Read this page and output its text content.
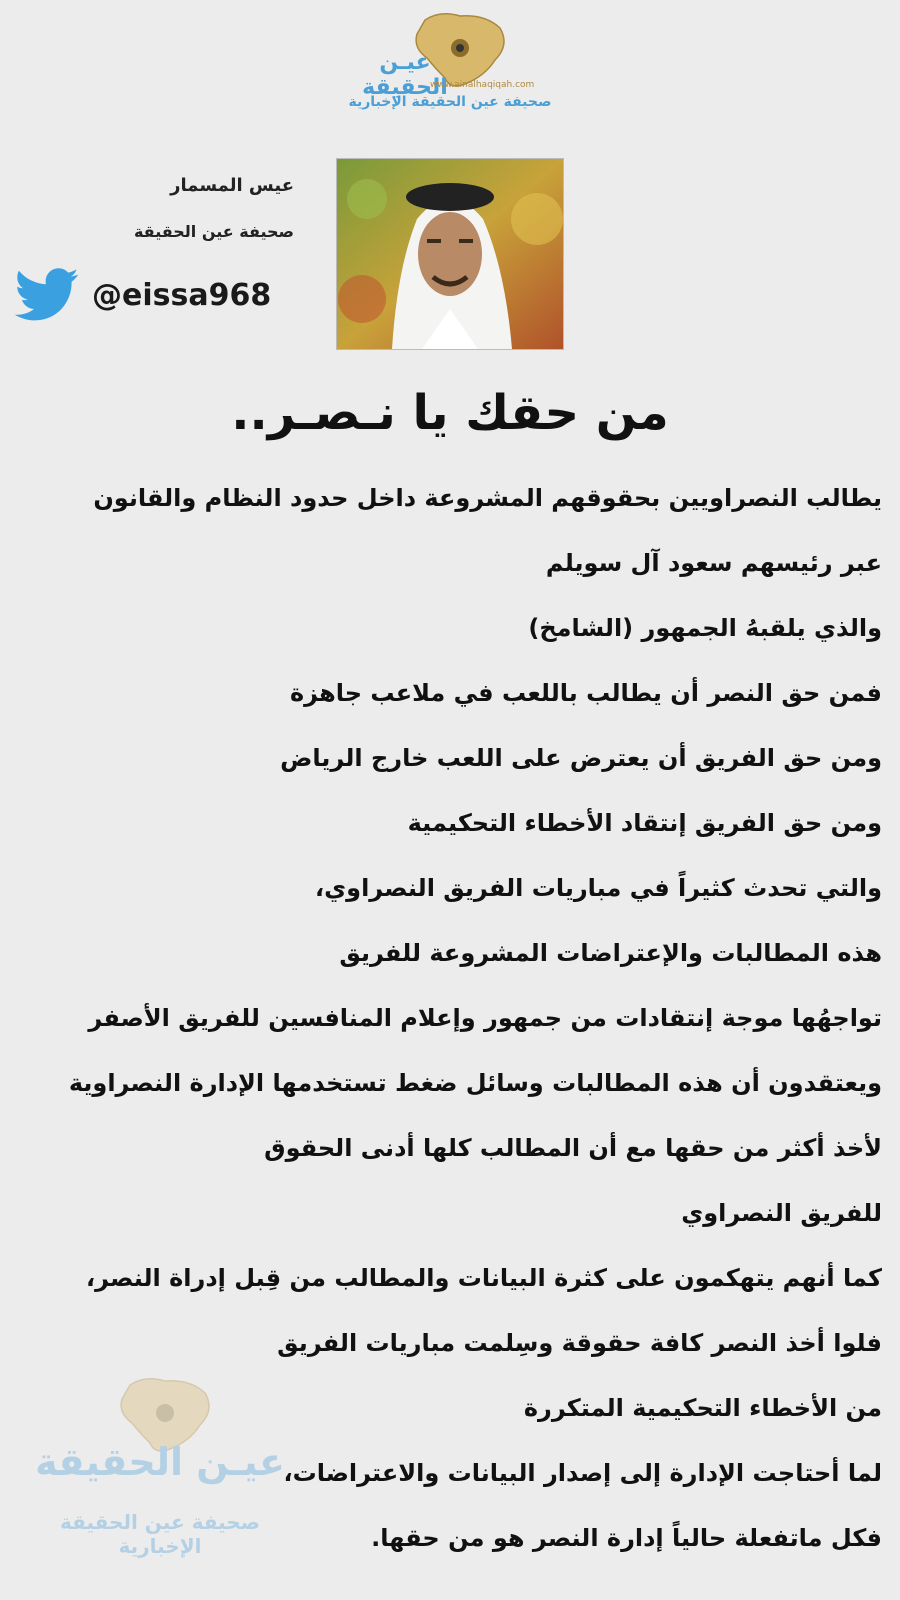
عيـن الحقيقة
www.ainalhaqiqah.com
صحيفة عين الحقيقة الإخبارية
عيس المسمار
صحيفة عين الحقيقة
@eissa968
من حقك يا نـصـر..
يطالب النصراويين بحقوقهم المشروعة داخل حدود النظام والقانون
عبر رئيسهم سعود آل سويلم
والذي يلقبهُ الجمهور (الشامخ)
فمن حق النصر أن يطالب باللعب في ملاعب جاهزة
ومن حق الفريق أن يعترض على اللعب خارج الرياض
ومن حق الفريق إنتقاد الأخطاء التحكيمية
والتي تحدث كثيراً في مباريات الفريق النصراوي،
هذه المطالبات والإعتراضات المشروعة للفريق
تواجهُها موجة إنتقادات من جمهور وإعلام المنافسين للفريق الأصفر
ويعتقدون أن هذه المطالبات وسائل ضغط تستخدمها الإدارة النصراوية
لأخذ أكثر من حقها مع أن المطالب كلها أدنى الحقوق
للفريق النصراوي
كما أنهم يتهكمون على كثرة البيانات والمطالب من قِبل إدراة النصر،
فلوا أخذ النصر كافة حقوقة وسِلمت مباريات الفريق
من الأخطاء التحكيمية المتكررة
لما أحتاجت الإدارة إلى إصدار البيانات والاعتراضات،
فكل ماتفعلة حالياً إدارة النصر هو من حقها.
عيـن الحقيقة
صحيفة عين الحقيقة الإخبارية
